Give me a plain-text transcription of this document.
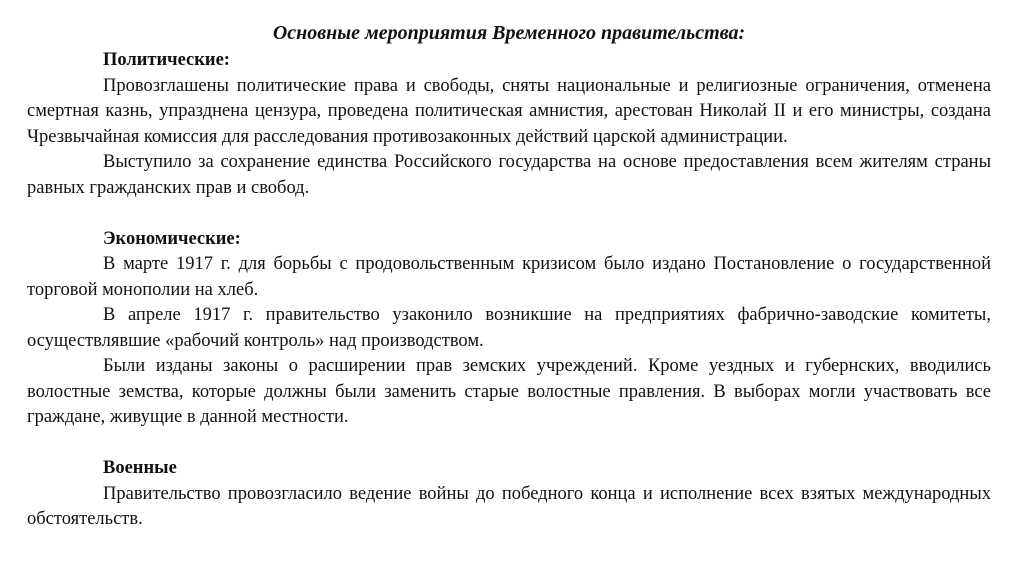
Основные мероприятия Временного правительства:
Политические:

Провозглашены политические права и свободы, сняты национальные и религиозные ограничения, отменена смертная казнь, упразднена цензура, проведена политическая амнистия, арестован Николай II и его министры, создана Чрезвычайная комиссия для расследования противозаконных действий царской администрации.

Выступило за сохранение единства Российского государства на основе предоставления всем жителям страны равных гражданских прав и свобод.

Экономические:

В марте 1917 г. для борьбы с продовольственным кризисом было издано Постановление о государственной торговой монополии на хлеб.

В апреле 1917 г. правительство узаконило возникшие на предприятиях фабрично-заводские комитеты, осуществлявшие «рабочий контроль» над производством.

Были изданы законы о расширении прав земских учреждений. Кроме уездных и губернских, вводились волостные земства, которые должны были заменить старые волостные правления. В выборах могли участвовать все граждане, живущие в данной местности.

Военные

Правительство провозгласило ведение войны до победного конца и исполнение всех взятых международных обстоятельств.
